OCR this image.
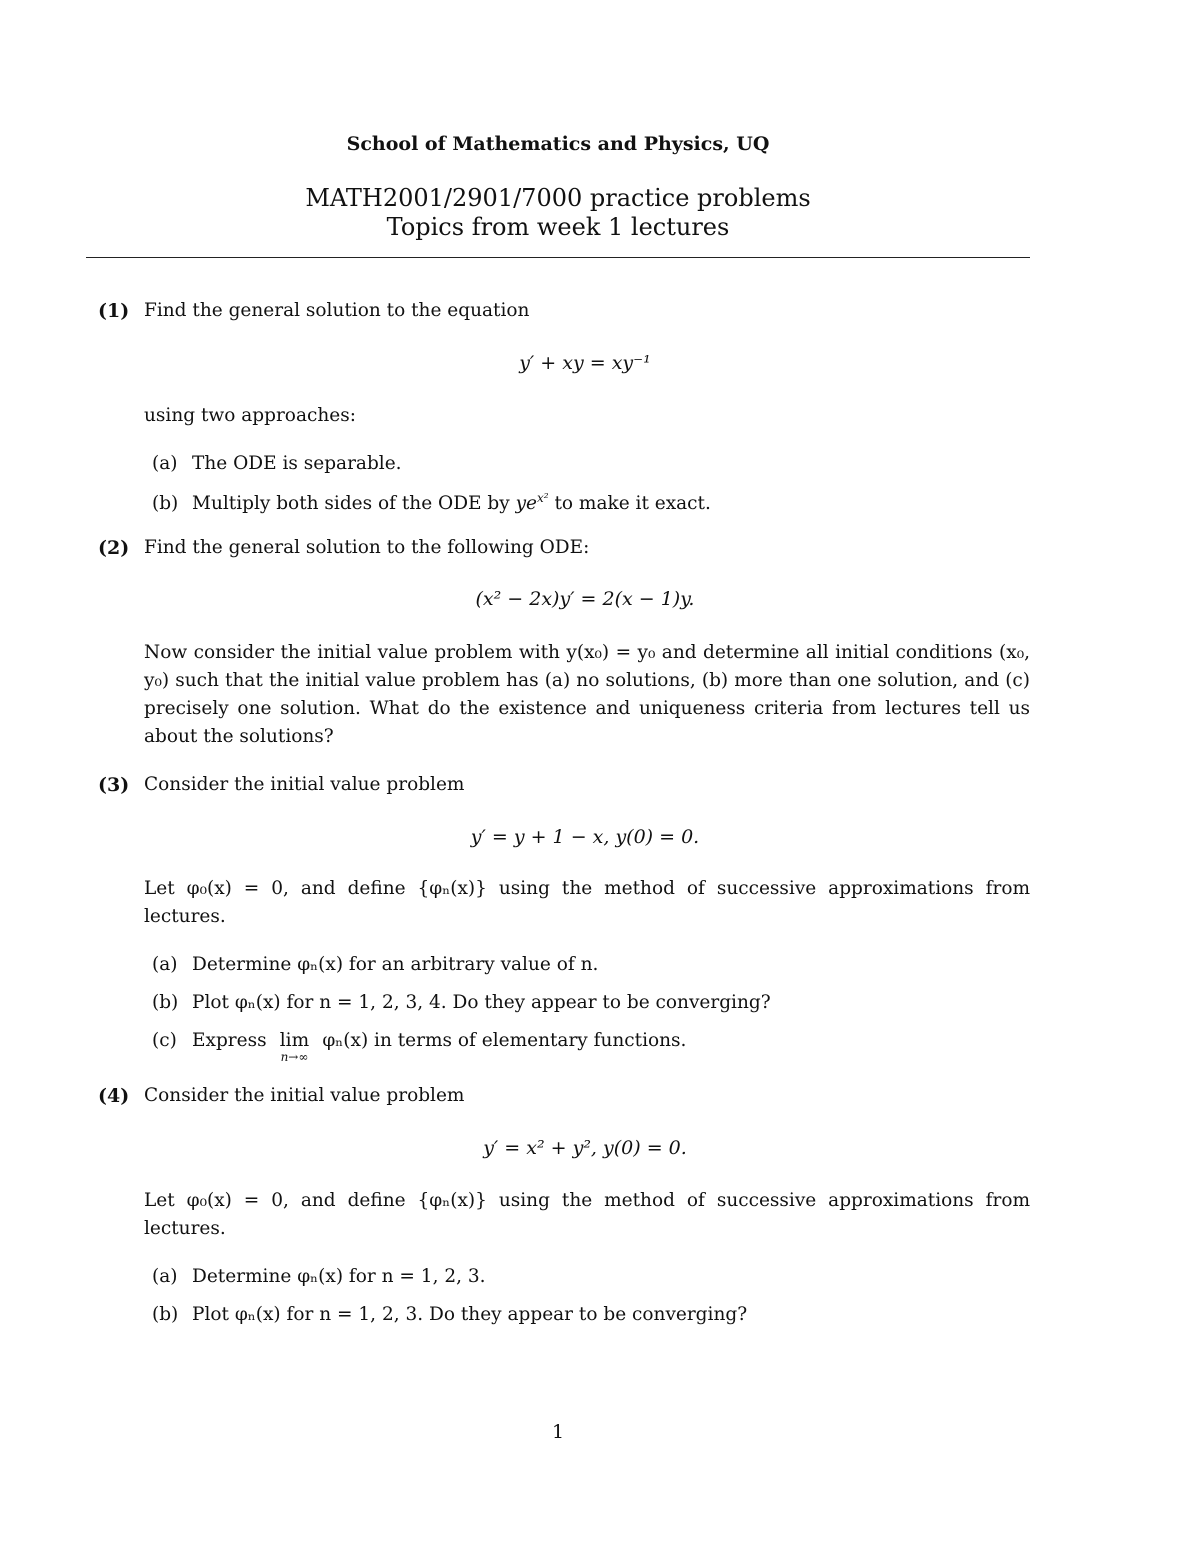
School of Mathematics and Physics, UQ
MATH2001/2901/7000 practice problems
Topics from week 1 lectures
(1) Find the general solution to the equation
y′ + xy = xy⁻¹
using two approaches:
(a) The ODE is separable.
(b) Multiply both sides of the ODE by $ye^{x^2}$ to make it exact.
(2) Find the general solution to the following ODE:
(x² − 2x)y′ = 2(x − 1)y.
Now consider the initial value problem with y(x₀) = y₀ and determine all initial conditions (x₀, y₀) such that the initial value problem has (a) no solutions, (b) more than one solution, and (c) precisely one solution. What do the existence and uniqueness criteria from lectures tell us about the solutions?
(3) Consider the initial value problem
y′ = y + 1 − x, y(0) = 0.
Let φ₀(x) = 0, and define {φₙ(x)} using the method of successive approximations from lectures.
(a) Determine φₙ(x) for an arbitrary value of n.
(b) Plot φₙ(x) for n = 1, 2, 3, 4. Do they appear to be converging?
(c) Express lim
n→∞
φₙ(x) in terms of elementary functions.
(4) Consider the initial value problem
y′ = x² + y², y(0) = 0.
Let φ₀(x) = 0, and define {φₙ(x)} using the method of successive approximations from lectures.
(a) Determine φₙ(x) for n = 1, 2, 3.
(b) Plot φₙ(x) for n = 1, 2, 3. Do they appear to be converging?
1
